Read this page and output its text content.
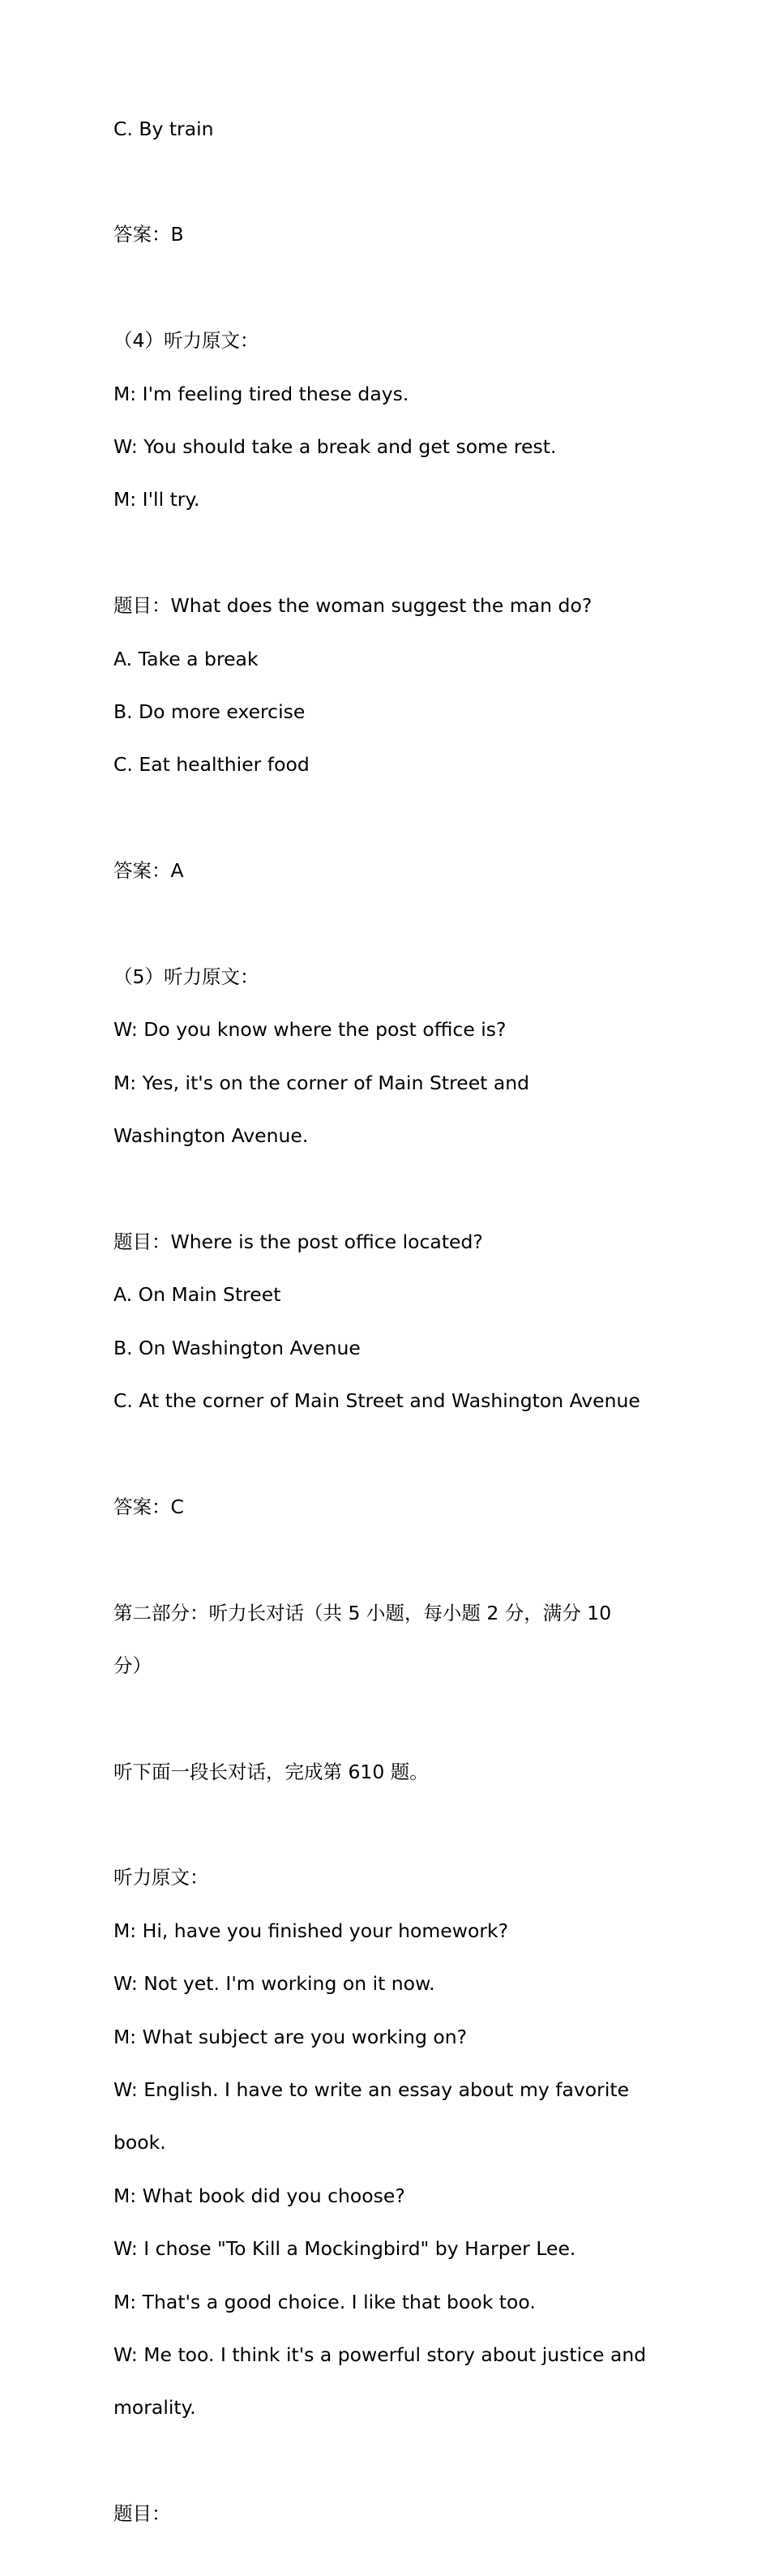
C. By train

答案：B

（4）听力原文：

M: I'm feeling tired these days.

W: You should take a break and get some rest.

M: I'll try.

题目：What does the woman suggest the man do?

A. Take a break

B. Do more exercise

C. Eat healthier food

答案：A

（5）听力原文：

W: Do you know where the post office is?

M: Yes, it's on the corner of Main Street and

Washington Avenue.

题目：Where is the post office located?

A. On Main Street

B. On Washington Avenue

C. At the corner of Main Street and Washington Avenue

答案：C

第二部分：听力长对话（共 5 小题，每小题 2 分，满分 10

分）

听下面一段长对话，完成第 610 题。

听力原文：

M: Hi, have you finished your homework?

W: Not yet. I'm working on it now.

M: What subject are you working on?

W: English. I have to write an essay about my favorite

book.

M: What book did you choose?

W: I chose "To Kill a Mockingbird" by Harper Lee.

M: That's a good choice. I like that book too.

W: Me too. I think it's a powerful story about justice and

morality.

题目：
